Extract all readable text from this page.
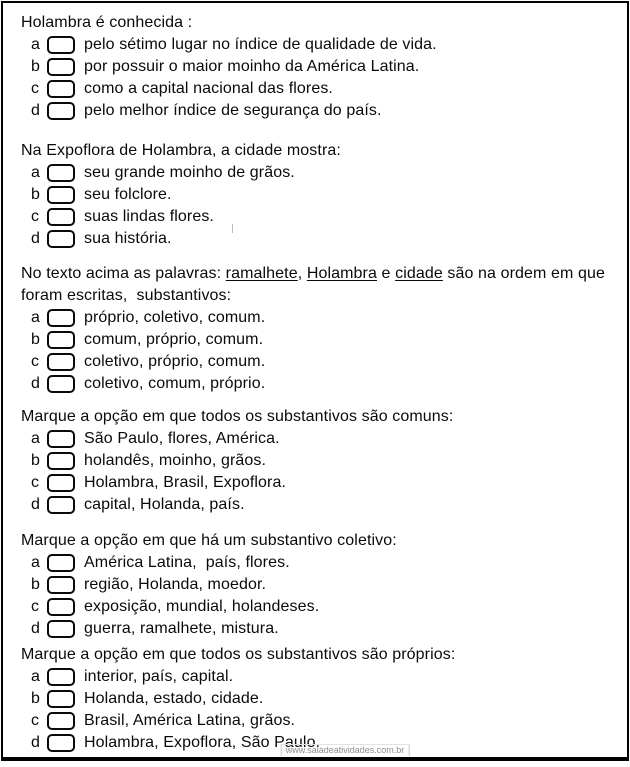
Holambra é conhecida :
a	pelo sétimo lugar no índice de qualidade de vida.
b	por possuir o maior moinho da América Latina.
c	como a capital nacional das flores.
d	pelo melhor índice de segurança do país.
Na Expoflora de Holambra, a cidade mostra:
a	seu grande moinho de grãos.
b	seu folclore.
c	suas lindas flores.
d	sua história.
No texto acima as palavras: ramalhete, Holambra e cidade são na ordem em que foram escritas,  substantivos:
a	próprio, coletivo, comum.
b	comum, próprio, comum.
c	coletivo, próprio, comum.
d	coletivo, comum, próprio.
Marque a opção em que todos os substantivos são comuns:
a	São Paulo, flores, América.
b	holandês, moinho, grãos.
c	Holambra, Brasil, Expoflora.
d	capital, Holanda, país.
Marque a opção em que há um substantivo coletivo:
a	América Latina,  país, flores.
b	região, Holanda, moedor.
c	exposição, mundial, holandeses.
d	guerra, ramalhete, mistura.
Marque a opção em que todos os substantivos são próprios:
a	interior, país, capital.
b	Holanda, estado, cidade.
c	Brasil, América Latina, grãos.
d	Holambra, Expoflora, São Paulo.
www.saladeatividades.com.br
